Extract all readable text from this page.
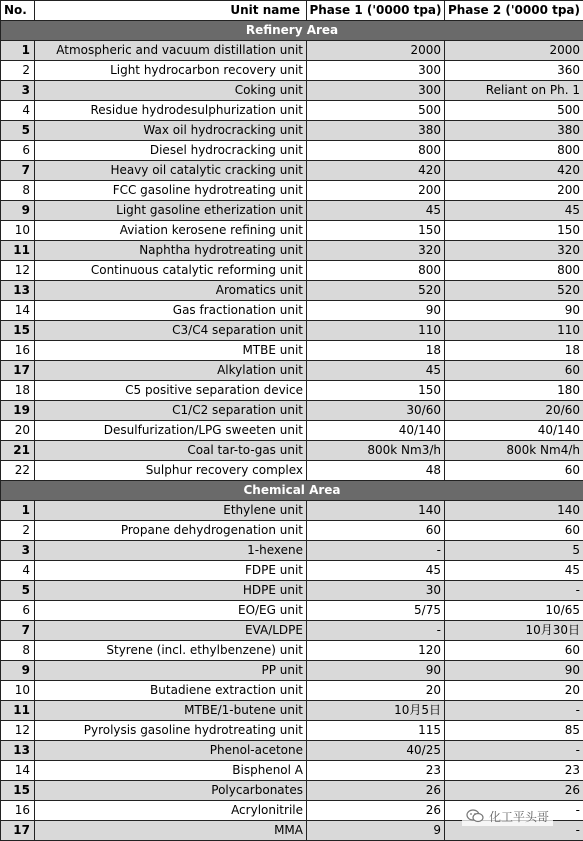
No.	Unit name	Phase 1 ('0000 tpa)	Phase 2 ('0000 tpa)
Refinery Area			
1	Atmospheric and vacuum distillation unit	2000	2000
2	Light hydrocarbon recovery unit	300	360
3	Coking unit	300	Reliant on Ph. 1
4	Residue hydrodesulphurization unit	500	500
5	Wax oil hydrocracking unit	380	380
6	Diesel hydrocracking unit	800	800
7	Heavy oil catalytic cracking unit	420	420
8	FCC gasoline hydrotreating unit	200	200
9	Light gasoline etherization unit	45	45
10	Aviation kerosene refining unit	150	150
11	Naphtha hydrotreating unit	320	320
12	Continuous catalytic reforming unit	800	800
13	Aromatics unit	520	520
14	Gas fractionation unit	90	90
15	C3/C4 separation unit	110	110
16	MTBE unit	18	18
17	Alkylation unit	45	60
18	C5 positive separation device	150	180
19	C1/C2 separation unit	30/60	20/60
20	Desulfurization/LPG sweeten unit	40/140	40/140
21	Coal tar-to-gas unit	800k Nm3/h	800k Nm4/h
22	Sulphur recovery complex	48	60
Chemical Area			
1	Ethylene unit	140	140
2	Propane dehydrogenation unit	60	60
3	1-hexene	-	5
4	FDPE unit	45	45
5	HDPE unit	30	-
6	EO/EG unit	5/75	10/65
7	EVA/LDPE	-	10月30日
8	Styrene (incl. ethylbenzene) unit	120	60
9	PP unit	90	90
10	Butadiene extraction unit	20	20
11	MTBE/1-butene unit	10月5日	-
12	Pyrolysis gasoline hydrotreating unit	115	85
13	Phenol-acetone	40/25	-
14	Bisphenol A	23	23
15	Polycarbonates	26	26
16	Acrylonitrile	26	-
17	MMA	9	-
化工平头哥
